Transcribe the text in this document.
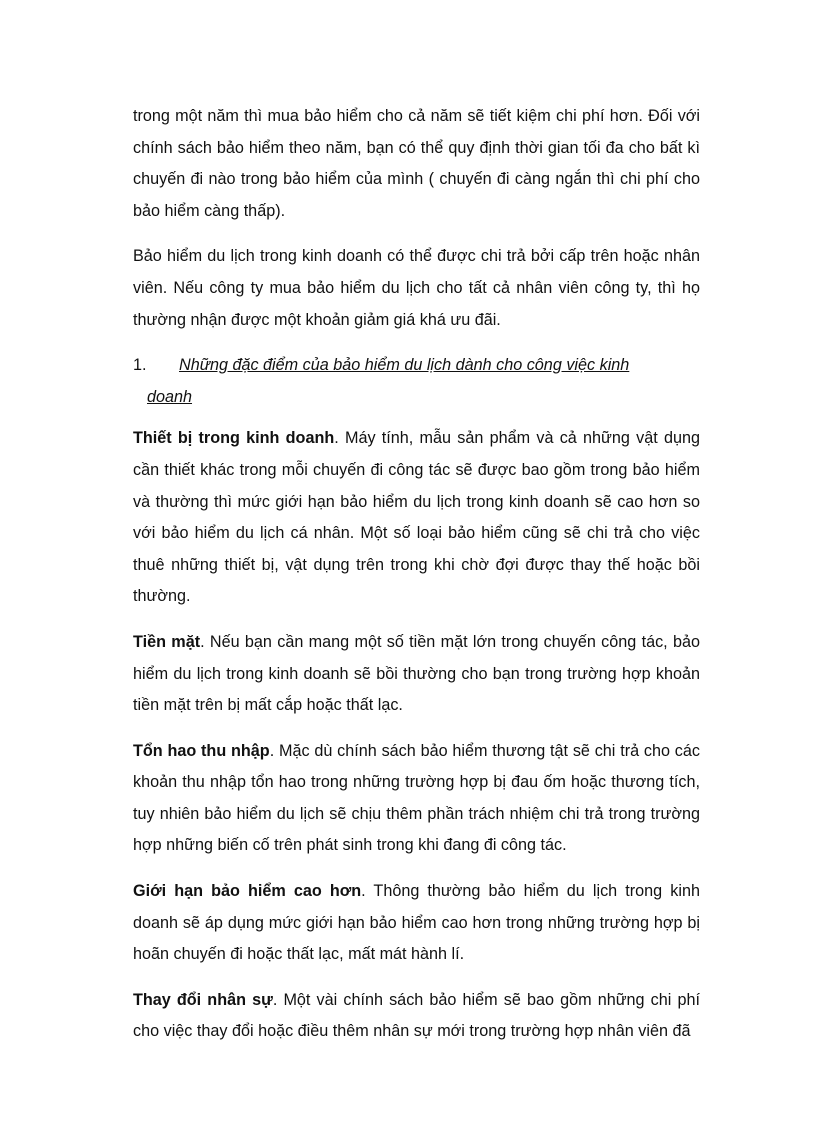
trong một năm thì mua bảo hiểm cho cả năm sẽ tiết kiệm chi phí hơn. Đối với chính sách bảo hiểm theo năm, bạn có thể quy định thời gian tối đa cho bất kì chuyến đi nào trong bảo hiểm của mình ( chuyến đi càng ngắn thì chi phí cho bảo hiểm càng thấp).

Bảo hiểm du lịch trong kinh doanh có thể được chi trả bởi cấp trên hoặc nhân viên. Nếu công ty mua bảo hiểm du lịch cho tất cả nhân viên công ty, thì họ thường nhận được một khoản giảm giá khá ưu đãi.

1.	Những đặc điểm của bảo hiểm du lịch dành cho công việc kinh
doanh

Thiết bị trong kinh doanh. Máy tính, mẫu sản phẩm và cả những vật dụng cần thiết khác trong mỗi chuyến đi công tác sẽ được bao gồm trong bảo hiểm và thường thì mức giới hạn bảo hiểm du lịch trong kinh doanh sẽ cao hơn so với bảo hiểm du lịch cá nhân. Một số loại bảo hiểm cũng sẽ chi trả cho việc thuê những thiết bị, vật dụng trên trong khi chờ đợi được thay thế hoặc bồi thường.

Tiền mặt. Nếu bạn cần mang một số tiền mặt lớn trong chuyến công tác, bảo hiểm du lịch trong kinh doanh sẽ bồi thường cho bạn trong trường hợp khoản tiền mặt trên bị mất cắp hoặc thất lạc.

Tổn hao thu nhập. Mặc dù chính sách bảo hiểm thương tật sẽ chi trả cho các khoản thu nhập tổn hao trong những trường hợp bị đau ốm hoặc thương tích, tuy nhiên bảo hiểm du lịch sẽ chịu thêm phần trách nhiệm chi trả trong trường hợp những biến cố trên phát sinh trong khi đang đi công tác.

Giới hạn bảo hiểm cao hơn. Thông thường bảo hiểm du lịch trong kinh doanh sẽ áp dụng mức giới hạn bảo hiểm cao hơn trong những trường hợp bị hoãn chuyến đi hoặc thất lạc, mất mát hành lí.

Thay đổi nhân sự. Một vài chính sách bảo hiểm sẽ bao gồm những chi phí cho việc thay đổi hoặc điều thêm nhân sự mới trong trường hợp nhân viên đã
